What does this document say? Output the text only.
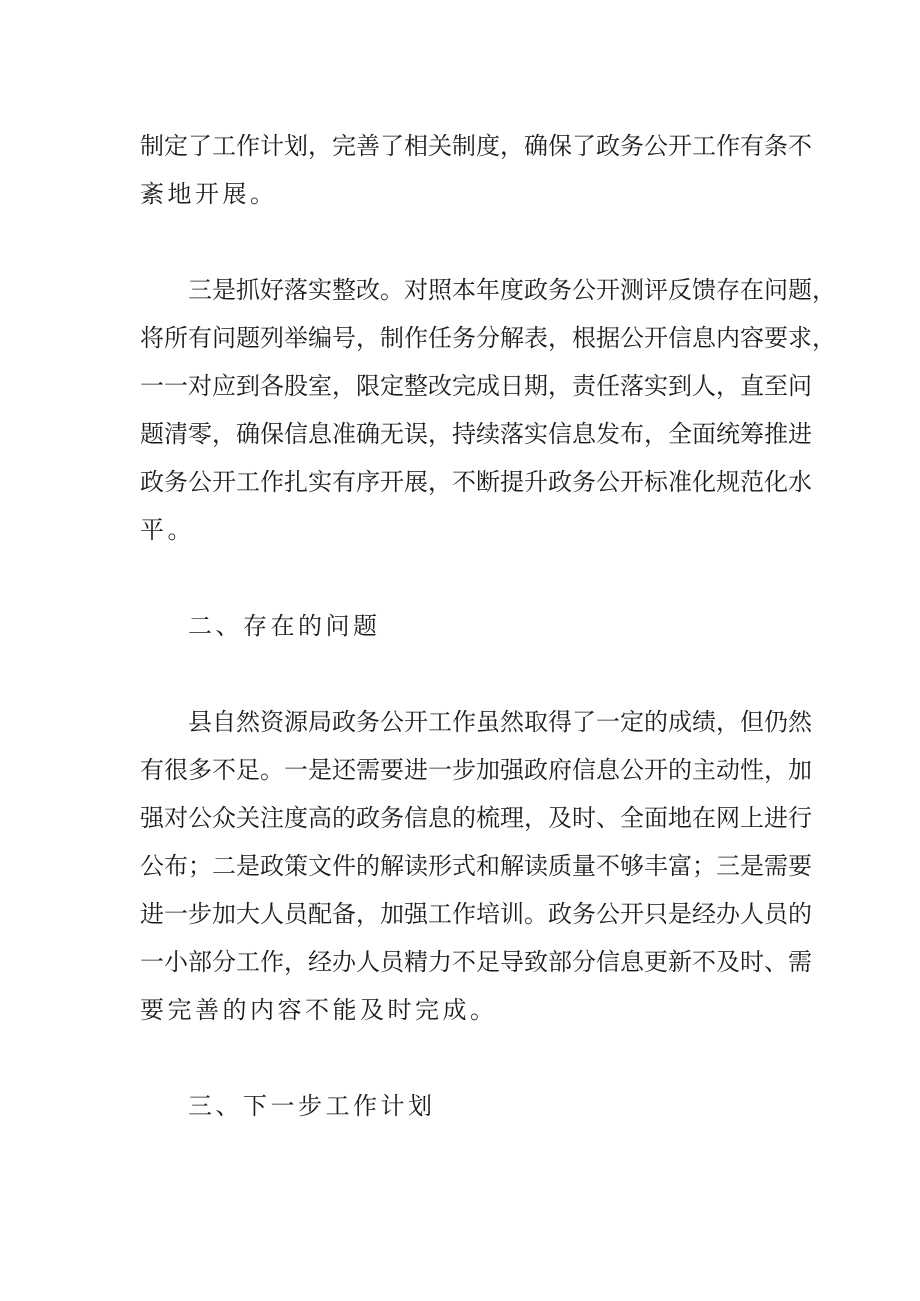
制定了工作计划，完善了相关制度，确保了政务公开工作有条不
紊地开展。
三是抓好落实整改。对照本年度政务公开测评反馈存在问题，
将所有问题列举编号，制作任务分解表，根据公开信息内容要求，
一一对应到各股室，限定整改完成日期，责任落实到人，直至问
题清零，确保信息准确无误，持续落实信息发布，全面统筹推进
政务公开工作扎实有序开展，不断提升政务公开标准化规范化水
平。
二、存在的问题
县自然资源局政务公开工作虽然取得了一定的成绩，但仍然
有很多不足。一是还需要进一步加强政府信息公开的主动性，加
强对公众关注度高的政务信息的梳理，及时、全面地在网上进行
公布；二是政策文件的解读形式和解读质量不够丰富；三是需要
进一步加大人员配备，加强工作培训。政务公开只是经办人员的
一小部分工作，经办人员精力不足导致部分信息更新不及时、需
要完善的内容不能及时完成。
三、下一步工作计划
